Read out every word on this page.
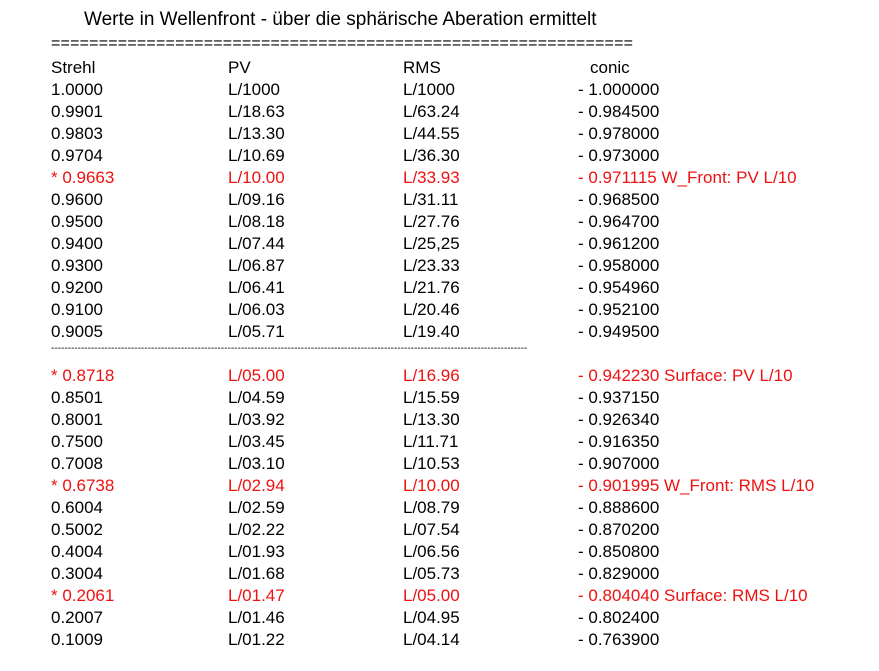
Werte in Wellenfront - über die sphärische Aberation ermittelt
=============================================================
Strehl	PV	RMS	conic
1.0000	L/1000	L/1000	- 1.000000
0.9901	L/18.63	L/63.24	- 0.984500
0.9803	L/13.30	L/44.55	- 0.978000
0.9704	L/10.69	L/36.30	- 0.973000
* 0.9663	L/10.00	L/33.93	- 0.971115 W_Front: PV L/10
0.9600	L/09.16	L/31.11	- 0.968500
0.9500	L/08.18	L/27.76	- 0.964700
0.9400	L/07.44	L/25,25	- 0.961200
0.9300	L/06.87	L/23.33	- 0.958000
0.9200	L/06.41	L/21.76	- 0.954960
0.9100	L/06.03	L/20.46	- 0.952100
0.9005	L/05.71	L/19.40	- 0.949500
-----------------------------------------------------------------------------------------------------------------------------------------------
* 0.8718	L/05.00	L/16.96	- 0.942230 Surface: PV L/10
0.8501	L/04.59	L/15.59	- 0.937150
0.8001	L/03.92	L/13.30	- 0.926340
0.7500	L/03.45	L/11.71	- 0.916350
0.7008	L/03.10	L/10.53	- 0.907000
* 0.6738	L/02.94	L/10.00	- 0.901995 W_Front: RMS L/10
0.6004	L/02.59	L/08.79	- 0.888600
0.5002	L/02.22	L/07.54	- 0.870200
0.4004	L/01.93	L/06.56	- 0.850800
0.3004	L/01.68	L/05.73	- 0.829000
* 0.2061	L/01.47	L/05.00	- 0.804040 Surface: RMS L/10
0.2007	L/01.46	L/04.95	- 0.802400
0.1009	L/01.22	L/04.14	- 0.763900
